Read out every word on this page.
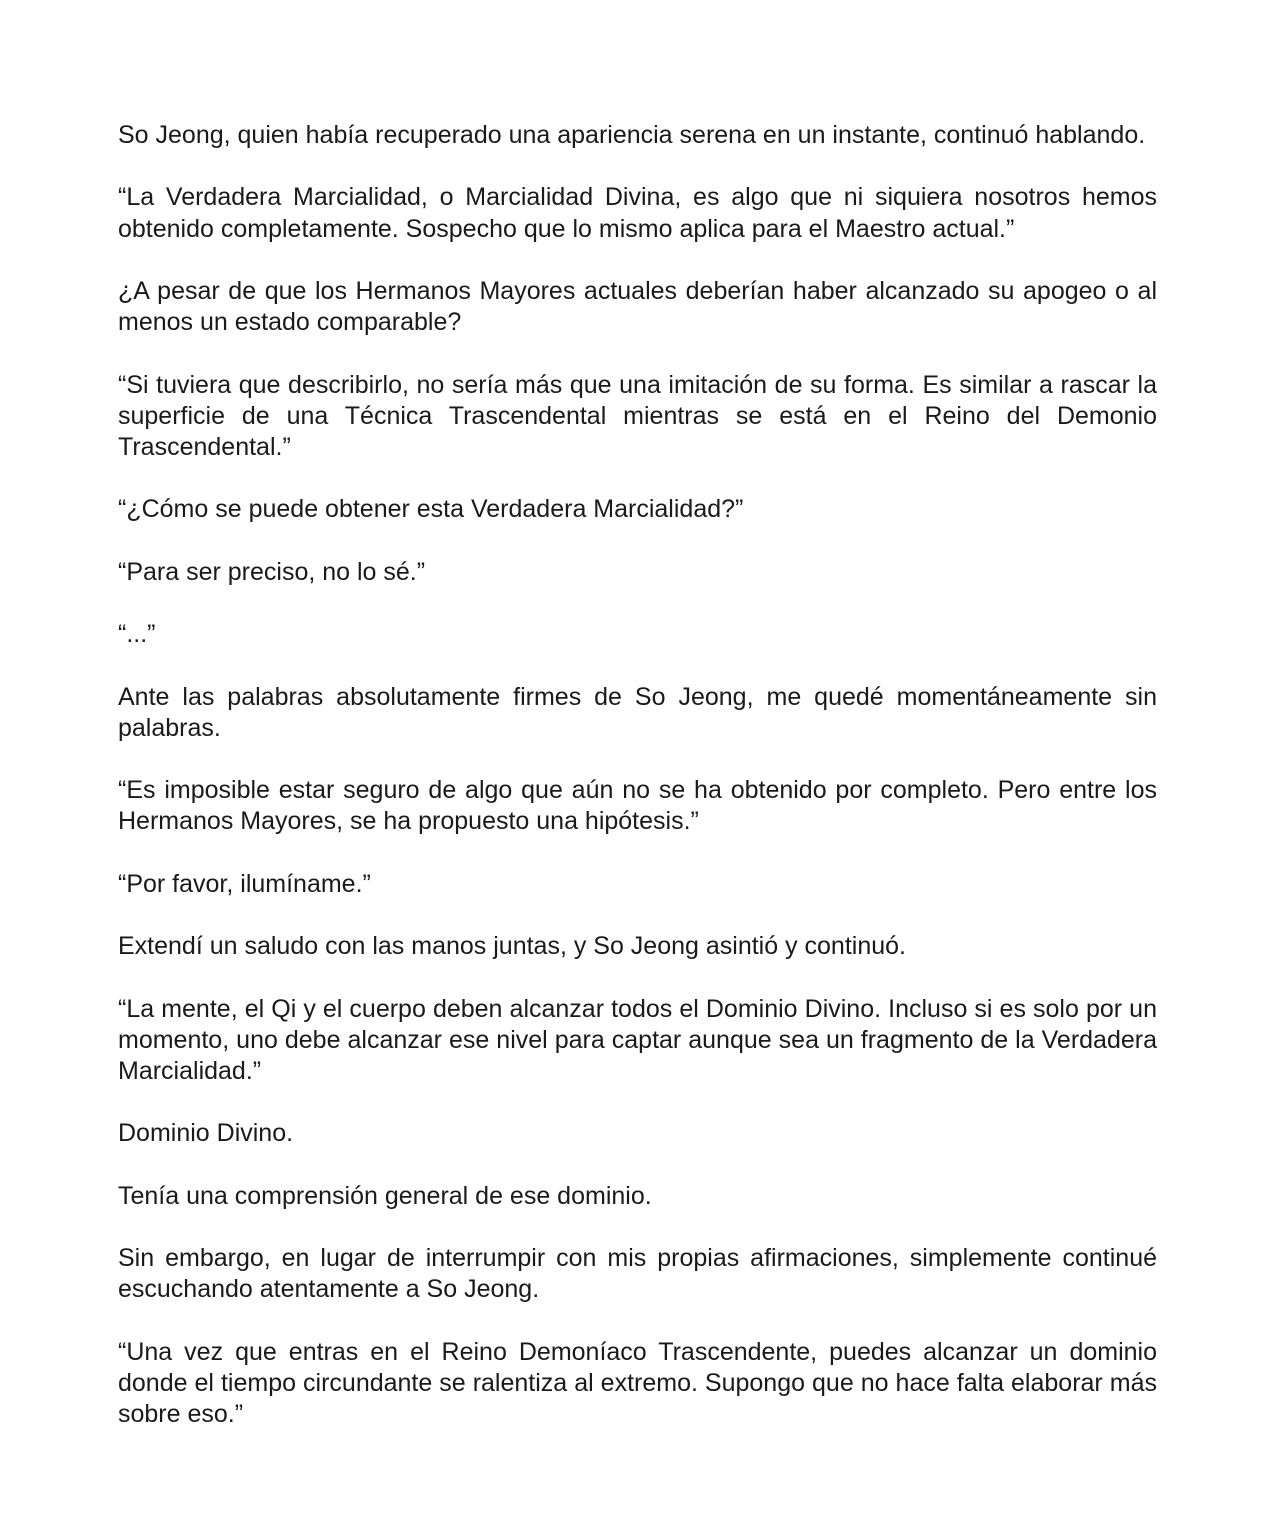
So Jeong, quien había recuperado una apariencia serena en un instante, continuó hablando.

“La Verdadera Marcialidad, o Marcialidad Divina, es algo que ni siquiera nosotros hemos obtenido completamente. Sospecho que lo mismo aplica para el Maestro actual.”

¿A pesar de que los Hermanos Mayores actuales deberían haber alcanzado su apogeo o al menos un estado comparable?

“Si tuviera que describirlo, no sería más que una imitación de su forma. Es similar a rascar la superficie de una Técnica Trascendental mientras se está en el Reino del Demonio Trascendental.”

“¿Cómo se puede obtener esta Verdadera Marcialidad?”

“Para ser preciso, no lo sé.”

“...”

Ante las palabras absolutamente firmes de So Jeong, me quedé momentáneamente sin palabras.

“Es imposible estar seguro de algo que aún no se ha obtenido por completo. Pero entre los Hermanos Mayores, se ha propuesto una hipótesis.”

“Por favor, ilumíname.”

Extendí un saludo con las manos juntas, y So Jeong asintió y continuó.

“La mente, el Qi y el cuerpo deben alcanzar todos el Dominio Divino. Incluso si es solo por un momento, uno debe alcanzar ese nivel para captar aunque sea un fragmento de la Verdadera Marcialidad.”

Dominio Divino.

Tenía una comprensión general de ese dominio.

Sin embargo, en lugar de interrumpir con mis propias afirmaciones, simplemente continué escuchando atentamente a So Jeong.

“Una vez que entras en el Reino Demoníaco Trascendente, puedes alcanzar un dominio donde el tiempo circundante se ralentiza al extremo. Supongo que no hace falta elaborar más sobre eso.”
